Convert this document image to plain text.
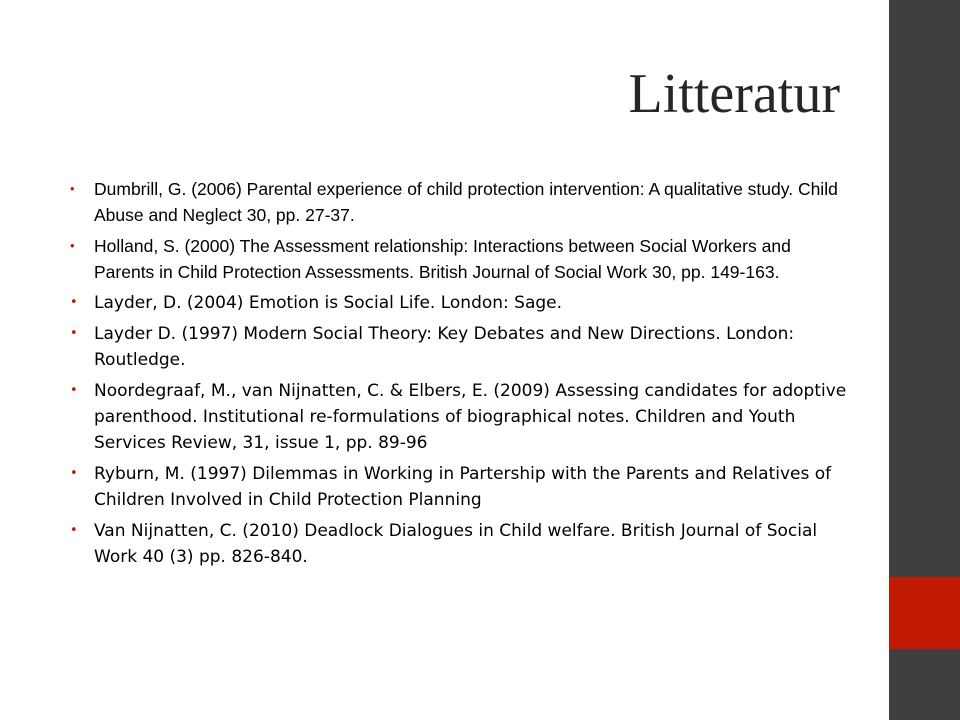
Litteratur
• Dumbrill, G. (2006) Parental experience of child protection intervention: A qualitative study. Child Abuse and Neglect 30, pp. 27-37.
• Holland, S. (2000) The Assessment relationship: Interactions between Social Workers and Parents in Child Protection Assessments. British Journal of Social Work 30, pp. 149-163.
• Layder, D. (2004) Emotion is Social Life. London: Sage.
• Layder D. (1997) Modern Social Theory: Key Debates and New Directions. London: Routledge.
• Noordegraaf, M., van Nijnatten, C. & Elbers, E. (2009) Assessing candidates for adoptive parenthood. Institutional re-formulations of biographical notes. Children and Youth Services Review, 31, issue 1, pp. 89-96
• Ryburn, M. (1997) Dilemmas in Working in Partership with the Parents and Relatives of Children Involved in Child Protection Planning
• Van Nijnatten, C. (2010) Deadlock Dialogues in Child welfare. British Journal of Social Work 40 (3) pp. 826-840.
